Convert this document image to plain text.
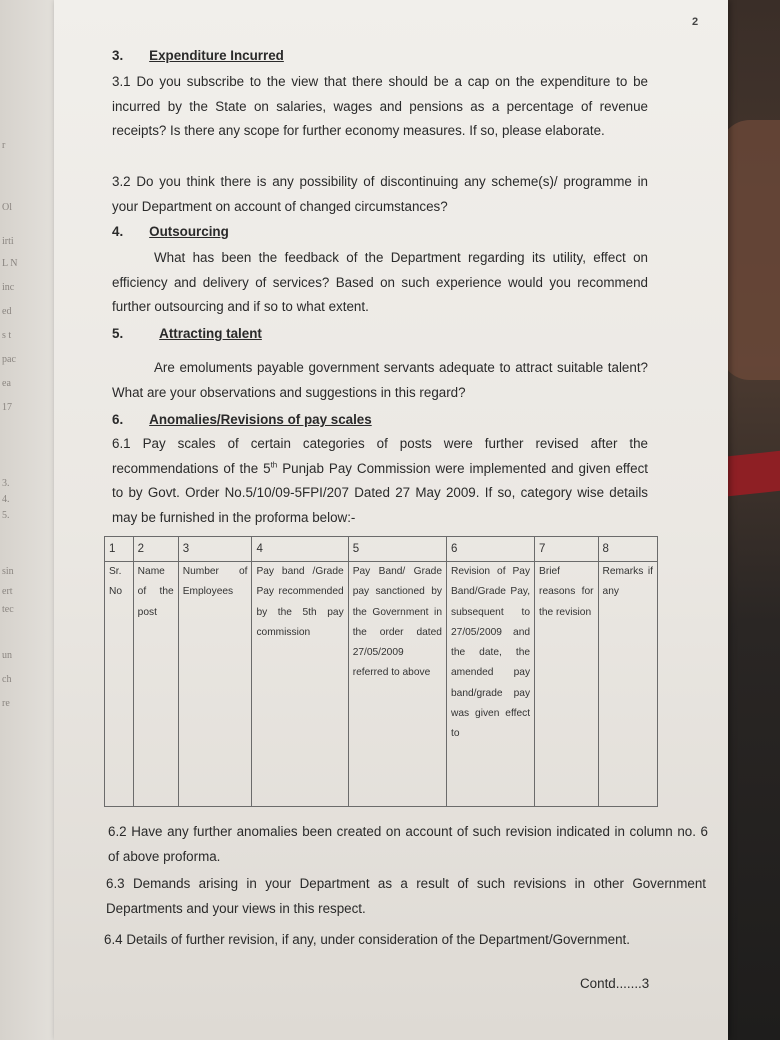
r
Ol
irti
L N
inc
ed
s t
pac
ea
17
3.
4.
5.
sin
ert
tec
un
ch
re
2
3. Expenditure Incurred
3.1 Do you subscribe to the view that there should be a cap on the expenditure to be incurred by the State on salaries, wages and pensions as a percentage of revenue receipts? Is there any scope for further economy measures. If so, please elaborate.
3.2 Do you think there is any possibility of discontinuing any scheme(s)/ programme in your Department on account of changed circumstances?
4. Outsourcing
What has been the feedback of the Department regarding its utility, effect on efficiency and delivery of services? Based on such experience would you recommend further outsourcing and if so to what extent.
5.	Attracting talent
Are emoluments payable government servants adequate to attract suitable talent? What are your observations and suggestions in this regard?
6. Anomalies/Revisions of pay scales
6.1 Pay scales of certain categories of posts were further revised after the recommendations of the 5th Punjab Pay Commission were implemented and given effect to by Govt. Order No.5/10/09-5FPI/207 Dated 27 May 2009. If so, category wise details may be furnished in the proforma below:-
1	2	3	4	5	6	7	8
Sr. No	Name of the post	Number of Employees	Pay band /Grade Pay recommended by the 5th pay commission	Pay Band/ Grade pay sanctioned by the Government in the order dated 27/05/2009 referred to above	Revision of Pay Band/Grade Pay, subsequent to 27/05/2009 and the date, the amended pay band/grade pay was given effect to	Brief reasons for the revision	Remarks if any
6.2 Have any further anomalies been created on account of such revision indicated in column no. 6 of above proforma.
6.3 Demands arising in your Department as a result of such revisions in other Government Departments and your views in this respect.
6.4 Details of further revision, if any, under consideration of the Department/Government.
Contd.......3
